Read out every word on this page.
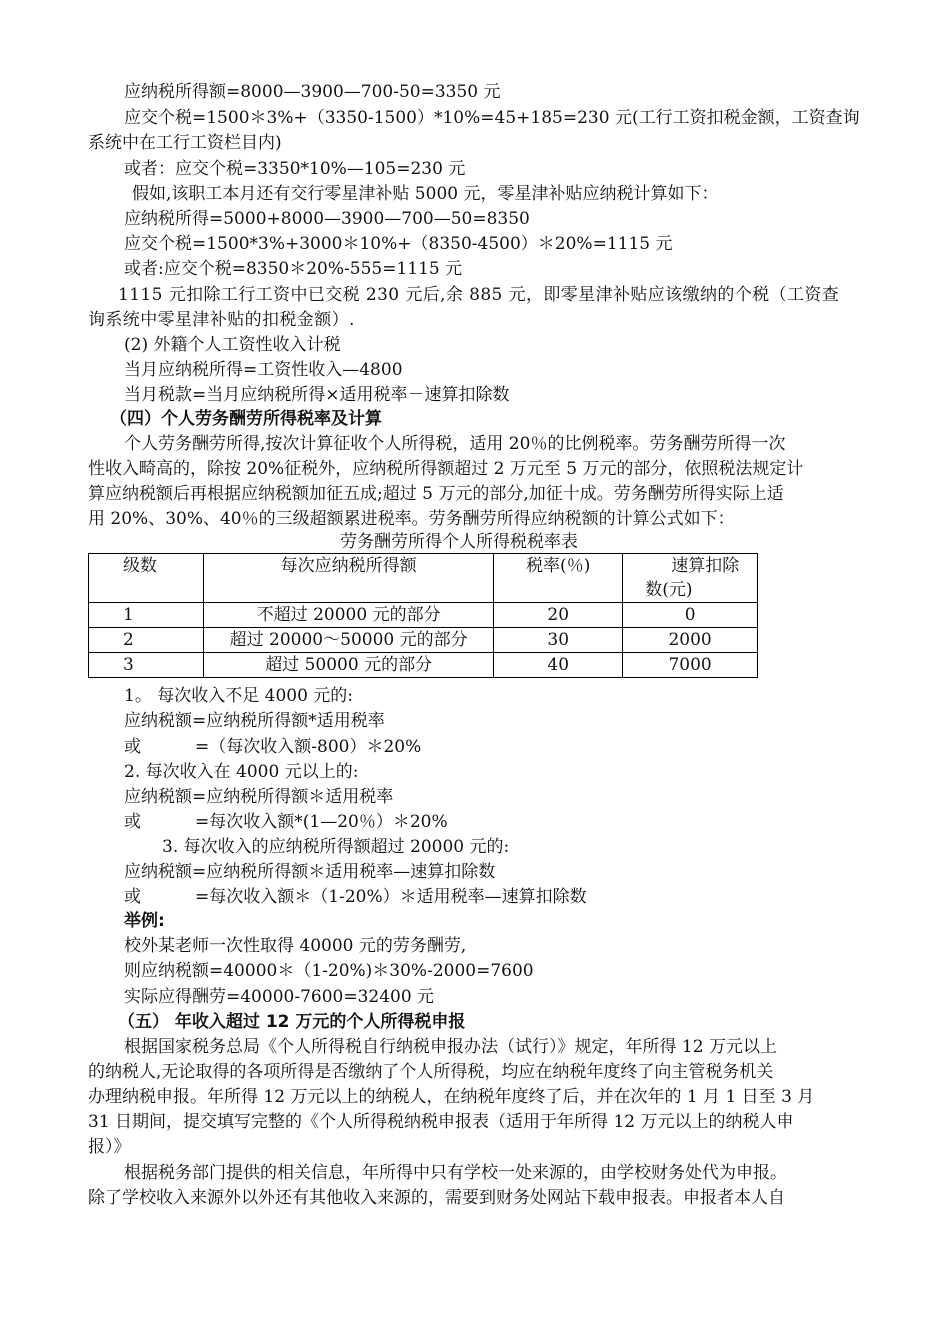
应纳税所得额=8000—3900—700-50=3350 元
应交个税=1500＊3%+（3350-1500）*10%=45+185=230 元(工行工资扣税金额，工资查询
系统中在工行工资栏目内)
或者：应交个税=3350*10%—105=230 元
假如,该职工本月还有交行零星津补贴 5000 元，零星津补贴应纳税计算如下：
应纳税所得=5000+8000—3900—700—50=8350
应交个税=1500*3%+3000＊10%+（8350-4500）＊20%=1115 元
或者:应交个税=8350＊20%-555=1115 元
1115 元扣除工行工资中已交税 230 元后,余 885 元，即零星津补贴应该缴纳的个税（工资查
询系统中零星津补贴的扣税金额）.
(2) 外籍个人工资性收入计税
当月应纳税所得=工资性收入—4800
当月税款=当月应纳税所得×适用税率－速算扣除数
（四）个人劳务酬劳所得税率及计算
个人劳务酬劳所得,按次计算征收个人所得税，适用 20％的比例税率。劳务酬劳所得一次
性收入畸高的，除按 20%征税外，应纳税所得额超过 2 万元至 5 万元的部分，依照税法规定计
算应纳税额后再根据应纳税额加征五成;超过 5 万元的部分,加征十成。劳务酬劳所得实际上适
用 20%、30%、40％的三级超额累进税率。劳务酬劳所得应纳税额的计算公式如下：
劳务酬劳所得个人所得税税率表
级数	每次应纳税所得额	税率(％)	速算扣除
数(元)

1	不超过 20000 元的部分	20	0
2	超过 20000～50000 元的部分	30	2000
3	超过 50000 元的部分	40	7000
1。 每次收入不足 4000 元的:
应纳税额=应纳税所得额*适用税率
或          =（每次收入额-800）＊20%
2. 每次收入在 4000 元以上的:
应纳税额=应纳税所得额＊适用税率
或          =每次收入额*(1—20％）＊20%
3. 每次收入的应纳税所得额超过 20000 元的:
应纳税额=应纳税所得额＊适用税率—速算扣除数
或          =每次收入额＊（1-20%）＊适用税率—速算扣除数
举例:
校外某老师一次性取得 40000 元的劳务酬劳,
则应纳税额=40000＊（1-20%)＊30%-2000=7600
实际应得酬劳=40000-7600=32400 元
（五） 年收入超过 12 万元的个人所得税申报
根据国家税务总局《个人所得税自行纳税申报办法（试行）》规定，年所得 12 万元以上
的纳税人,无论取得的各项所得是否缴纳了个人所得税，均应在纳税年度终了向主管税务机关
办理纳税申报。年所得 12 万元以上的纳税人，在纳税年度终了后，并在次年的 1 月 1 日至 3 月
31 日期间，提交填写完整的《个人所得税纳税申报表（适用于年所得 12 万元以上的纳税人申
报）》
根据税务部门提供的相关信息，年所得中只有学校一处来源的，由学校财务处代为申报。
除了学校收入来源外以外还有其他收入来源的，需要到财务处网站下载申报表。申报者本人自
